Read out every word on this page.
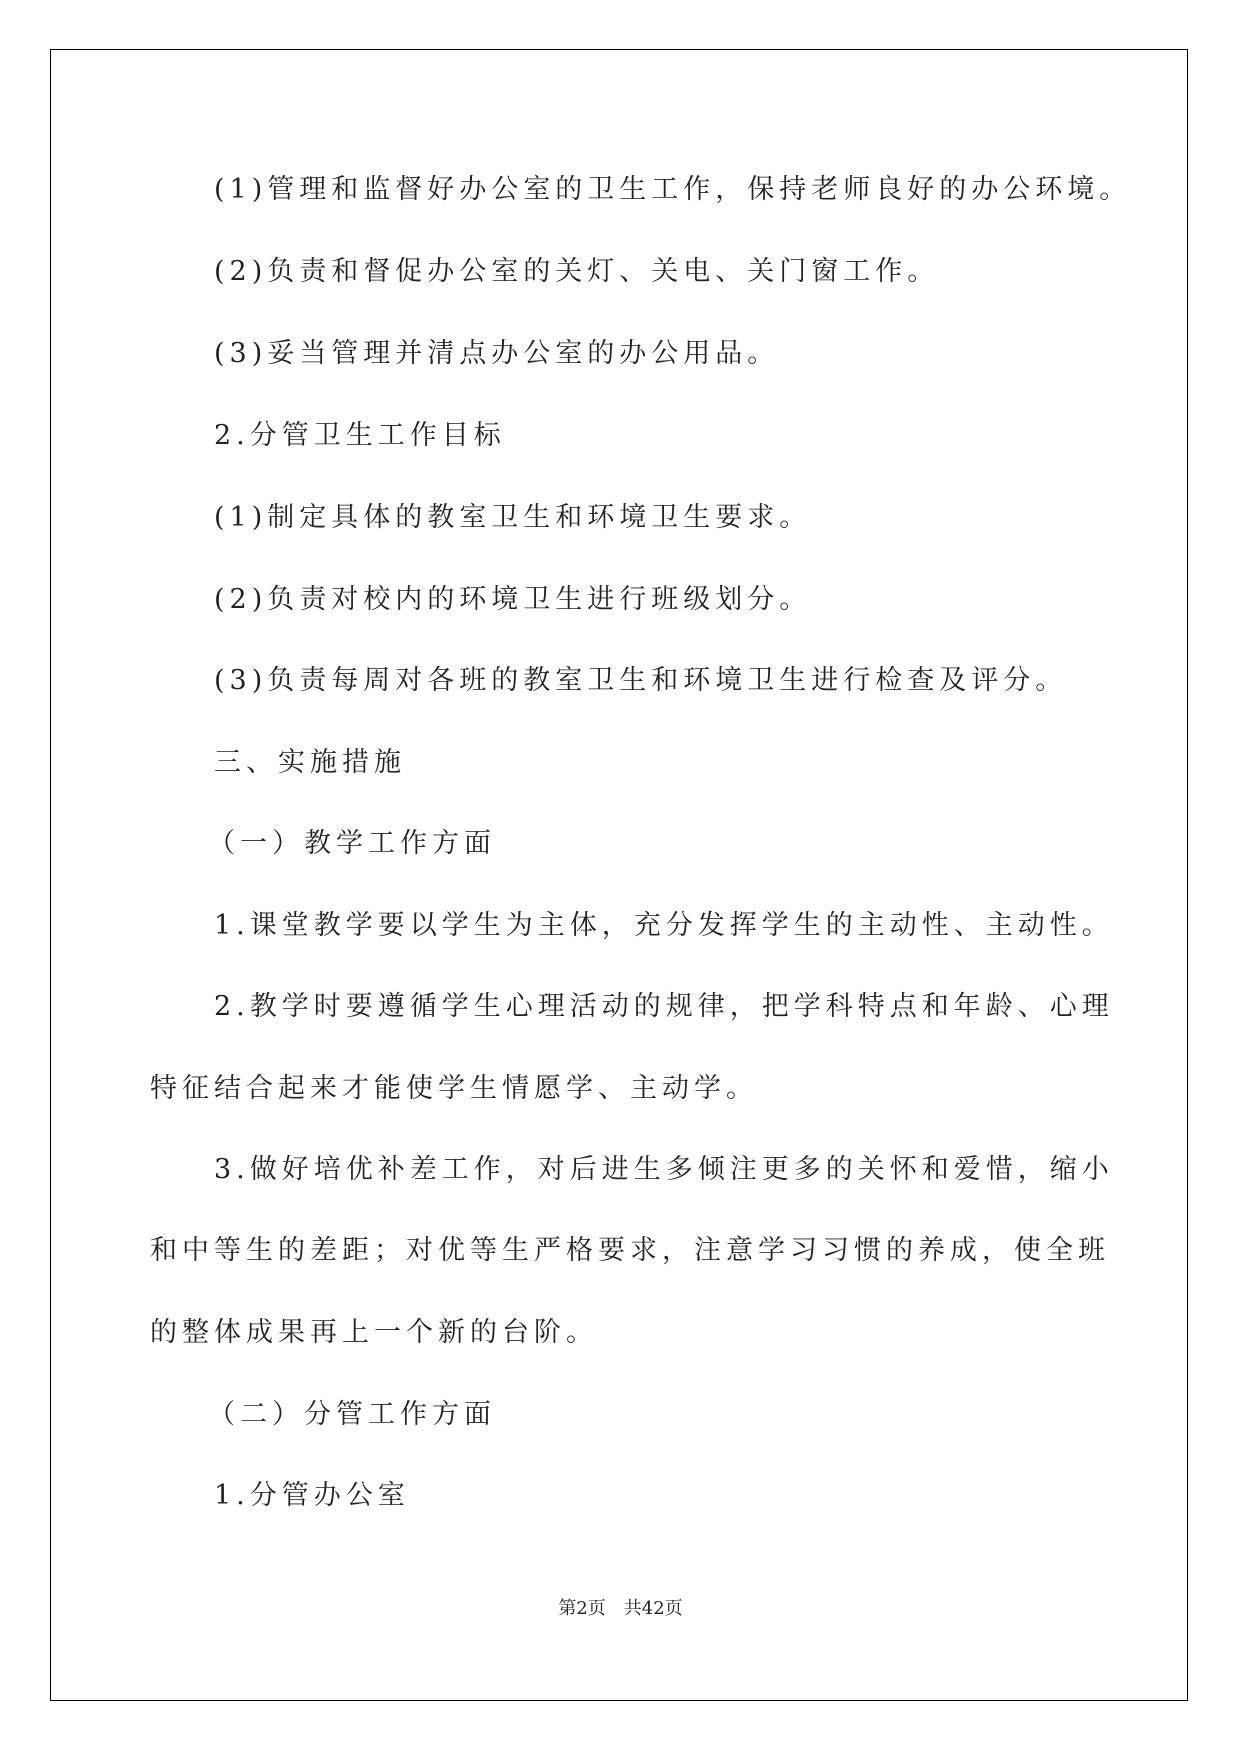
(1)管理和监督好办公室的卫生工作，保持老师良好的办公环境。

(2)负责和督促办公室的关灯、关电、关门窗工作。

(3)妥当管理并清点办公室的办公用品。

2.分管卫生工作目标

(1)制定具体的教室卫生和环境卫生要求。

(2)负责对校内的环境卫生进行班级划分。

(3)负责每周对各班的教室卫生和环境卫生进行检查及评分。

三、实施措施

（一）教学工作方面

1.课堂教学要以学生为主体，充分发挥学生的主动性、主动性。

2.教学时要遵循学生心理活动的规律，把学科特点和年龄、心理

特征结合起来才能使学生情愿学、主动学。

3.做好培优补差工作，对后进生多倾注更多的关怀和爱惜，缩小

和中等生的差距；对优等生严格要求，注意学习习惯的养成，使全班

的整体成果再上一个新的台阶。

（二）分管工作方面

1.分管办公室

第2页 共42页
